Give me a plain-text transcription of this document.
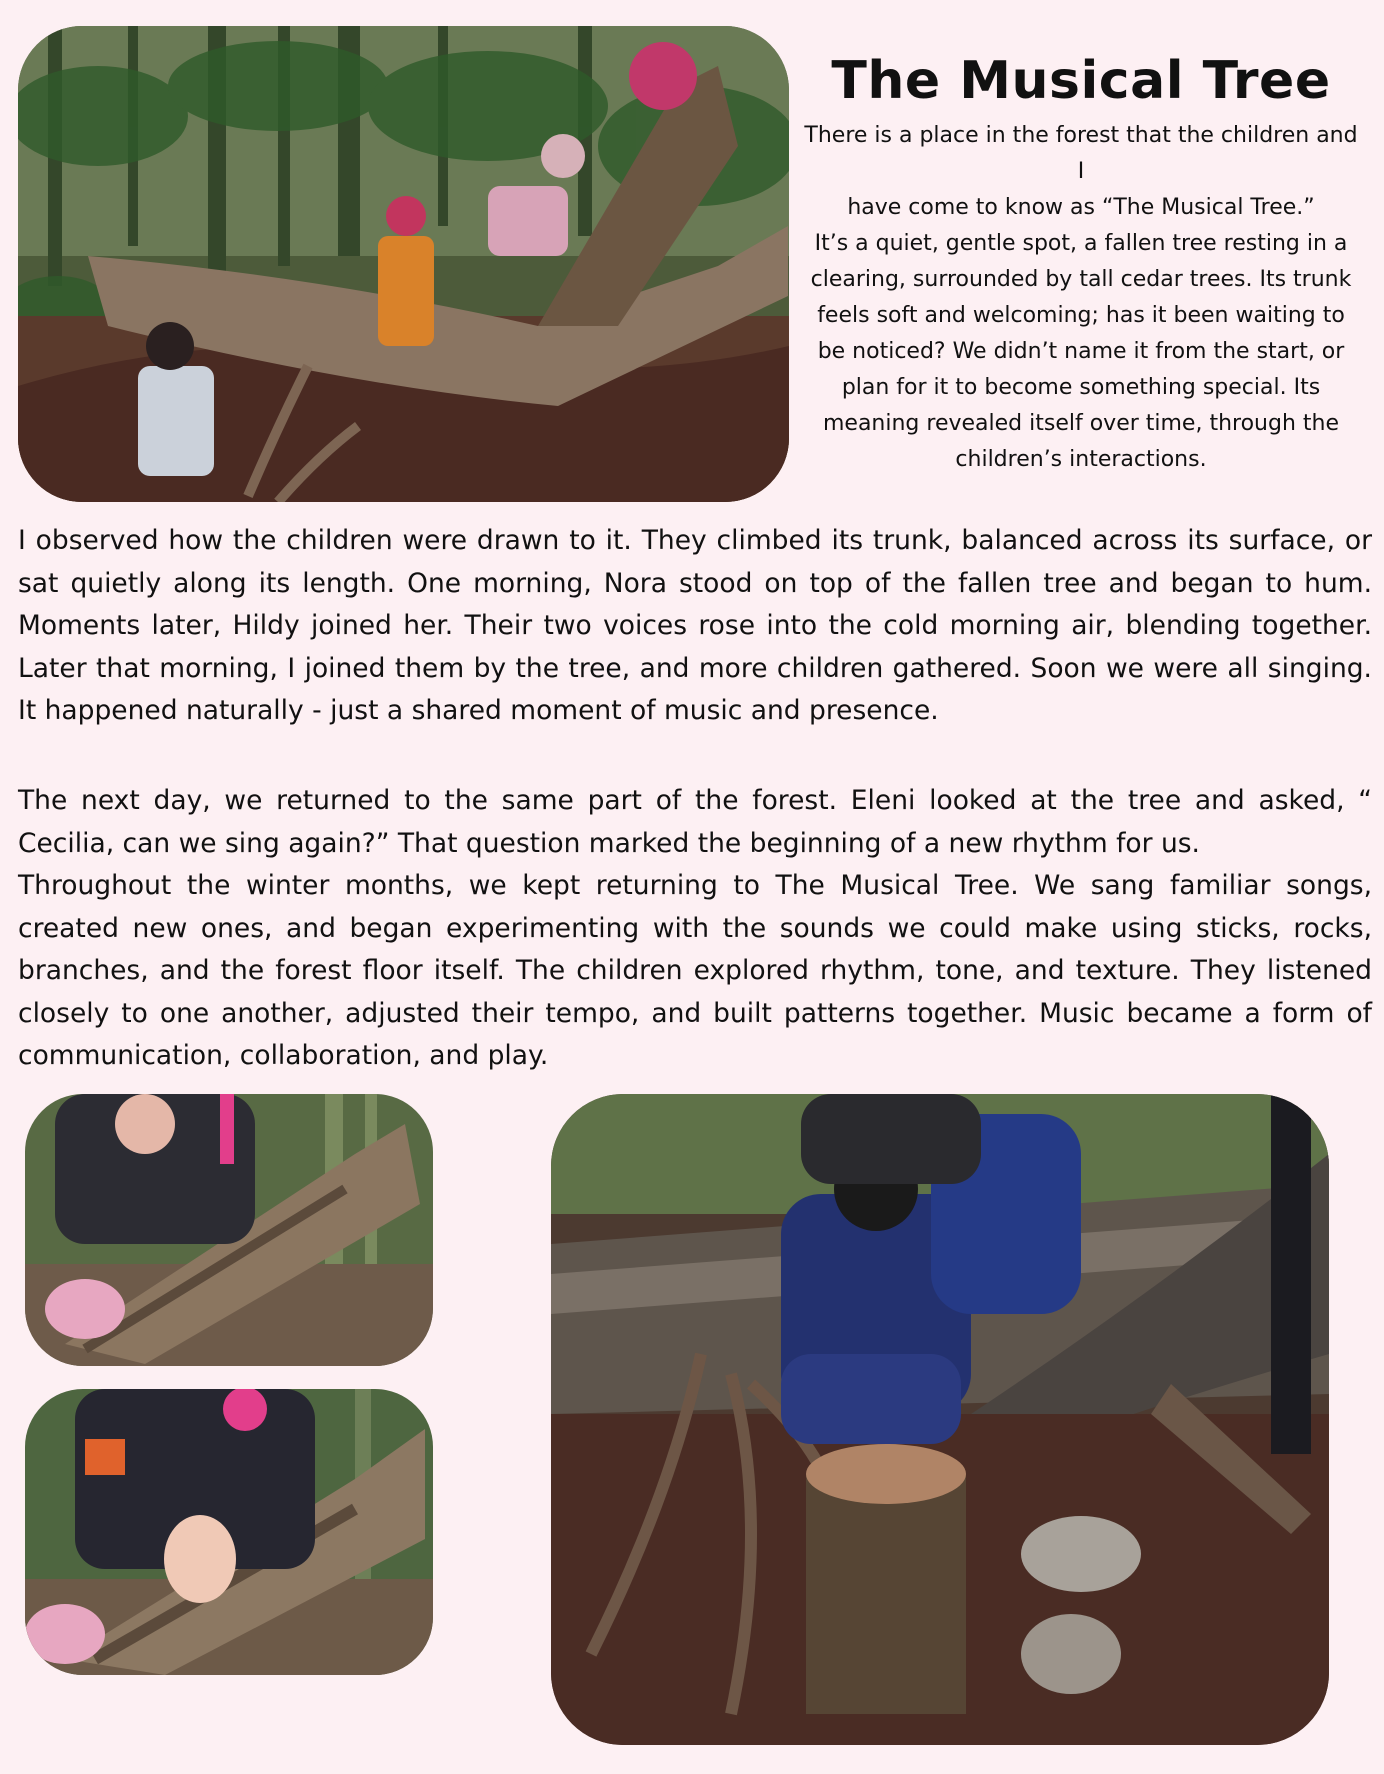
The Musical Tree

There is a place in the forest that the children and I
have come to know as “The Musical Tree.”
It’s a quiet, gentle spot, a fallen tree resting in a
clearing, surrounded by tall cedar trees. Its trunk
feels soft and welcoming; has it been waiting to
be noticed? We didn’t name it from the start, or
plan for it to become something special. Its
meaning revealed itself over time, through the
children’s interactions.

I observed how the children were drawn to it. They climbed its trunk, balanced across its surface, or sat quietly along its length. One morning, Nora stood on top of the fallen tree and began to hum. Moments later, Hildy joined her. Their two voices rose into the cold morning air, blending together. Later that morning, I joined them by the tree, and more children gathered. Soon we were all singing. It happened naturally - just a shared moment of music and presence.

The next day, we returned to the same part of the forest. Eleni looked at the tree and asked, “ Cecilia, can we sing again?” That question marked the beginning of a new rhythm for us.

Throughout the winter months, we kept returning to The Musical Tree. We sang familiar songs, created new ones, and began experimenting with the sounds we could make using sticks, rocks, branches, and the forest floor itself. The children explored rhythm, tone, and texture. They listened closely to one another, adjusted their tempo, and built patterns together. Music became a form of communication, collaboration, and play.
